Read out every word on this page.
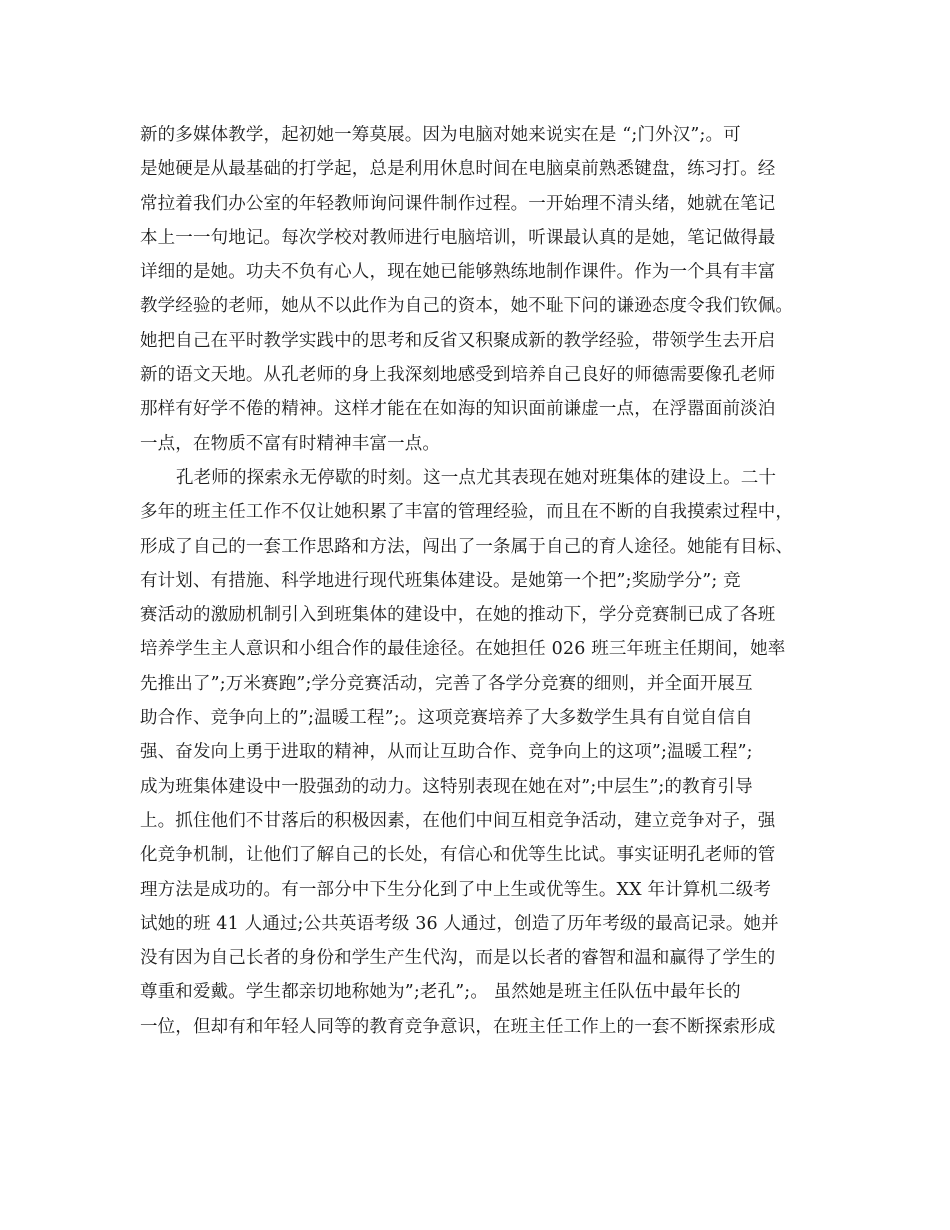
新的多媒体教学，起初她一筹莫展。因为电脑对她来说实在是 “;门外汉”;。可
是她硬是从最基础的打学起，总是利用休息时间在电脑桌前熟悉键盘，练习打。经
常拉着我们办公室的年轻教师询问课件制作过程。一开始理不清头绪，她就在笔记
本上一一句地记。每次学校对教师进行电脑培训，听课最认真的是她，笔记做得最
详细的是她。功夫不负有心人，现在她已能够熟练地制作课件。作为一个具有丰富
教学经验的老师，她从不以此作为自己的资本，她不耻下问的谦逊态度令我们钦佩。
她把自己在平时教学实践中的思考和反省又积聚成新的教学经验，带领学生去开启
新的语文天地。从孔老师的身上我深刻地感受到培养自己良好的师德需要像孔老师
那样有好学不倦的精神。这样才能在在如海的知识面前谦虚一点，在浮嚣面前淡泊
一点，在物质不富有时精神丰富一点。
孔老师的探索永无停歇的时刻。这一点尤其表现在她对班集体的建设上。二十
多年的班主任工作不仅让她积累了丰富的管理经验，而且在不断的自我摸索过程中，
形成了自己的一套工作思路和方法，闯出了一条属于自己的育人途径。她能有目标、
有计划、有措施、科学地进行现代班集体建设。是她第一个把”;奖励学分”; 竞
赛活动的激励机制引入到班集体的建设中，在她的推动下，学分竞赛制已成了各班
培养学生主人意识和小组合作的最佳途径。在她担任 026 班三年班主任期间，她率
先推出了”;万米赛跑”;学分竞赛活动，完善了各学分竞赛的细则，并全面开展互
助合作、竞争向上的”;温暖工程”;。这项竞赛培养了大多数学生具有自觉自信自
强、奋发向上勇于进取的精神，从而让互助合作、竞争向上的这项”;温暖工程”;
成为班集体建设中一股强劲的动力。这特别表现在她在对”;中层生”;的教育引导
上。抓住他们不甘落后的积极因素，在他们中间互相竞争活动，建立竞争对子，强
化竞争机制，让他们了解自己的长处，有信心和优等生比试。事实证明孔老师的管
理方法是成功的。有一部分中下生分化到了中上生或优等生。XX 年计算机二级考
试她的班 41 人通过;公共英语考级 36 人通过，创造了历年考级的最高记录。她并
没有因为自己长者的身份和学生产生代沟，而是以长者的睿智和温和赢得了学生的
尊重和爱戴。学生都亲切地称她为”;老孔”;。 虽然她是班主任队伍中最年长的
一位，但却有和年轻人同等的教育竞争意识，在班主任工作上的一套不断探索形成
